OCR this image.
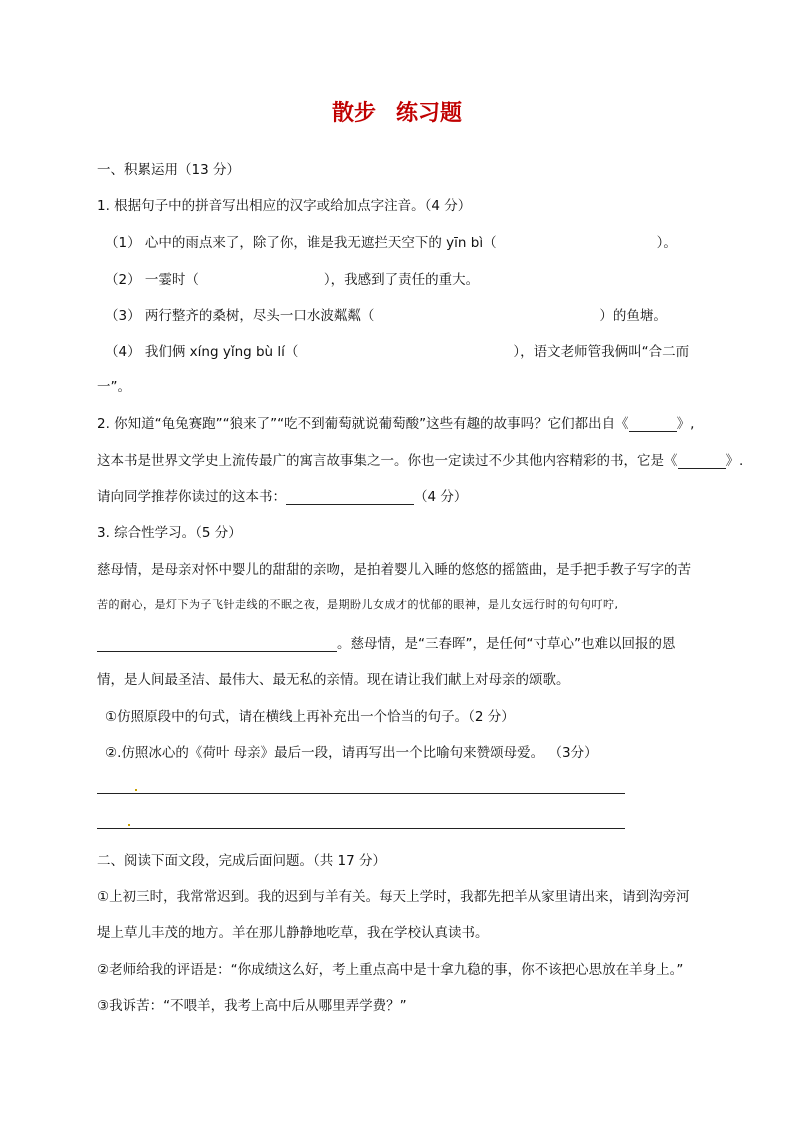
散步 练习题
一、积累运用（13 分）
1. 根据句子中的拼音写出相应的汉字或给加点字注音。（4 分）
（1） 心中的雨点来了，除了你，谁是我无遮拦天空下的 yīn bì（	）。
（2） 一霎时（	），我感到了责任的重大。
（3） 两行整齐的桑树，尽头一口水波粼粼（	）的鱼塘。
（4） 我们俩 xíng yǐng bù lí（	），语文老师管我俩叫“合二而
一”。
2. 你知道“龟兔赛跑”“狼来了”“吃不到葡萄就说葡萄酸”这些有趣的故事吗？它们都出自《	》,
这本书是世界文学史上流传最广的寓言故事集之一。你也一定读过不少其他内容精彩的书，它是《	》.
请向同学推荐你读过的这本书：	（4 分）
3. 综合性学习。（5 分）
慈母情，是母亲对怀中婴儿的甜甜的亲吻，是拍着婴儿入睡的悠悠的摇篮曲，是手把手教子写字的苦
苦的耐心，是灯下为子飞针走线的不眠之夜，是期盼儿女成才的忧郁的眼神，是儿女远行时的句句叮咛,
。慈母情，是“三春晖”，是任何“寸草心”也难以回报的恩
情，是人间最圣洁、最伟大、最无私的亲情。现在请让我们献上对母亲的颂歌。
①仿照原段中的句式，请在横线上再补充出一个恰当的句子。（2 分）
②.仿照冰心的《荷叶 母亲》最后一段，请再写出一个比喻句来赞颂母爱。 （3分）
二、阅读下面文段，完成后面问题。（共 17 分）
①上初三时，我常常迟到。我的迟到与羊有关。每天上学时，我都先把羊从家里请出来，请到沟旁河
堤上草儿丰茂的地方。羊在那儿静静地吃草，我在学校认真读书。
②老师给我的评语是：“你成绩这么好，考上重点高中是十拿九稳的事，你不该把心思放在羊身上。”
③我诉苦：“不喂羊，我考上高中后从哪里弄学费？”
